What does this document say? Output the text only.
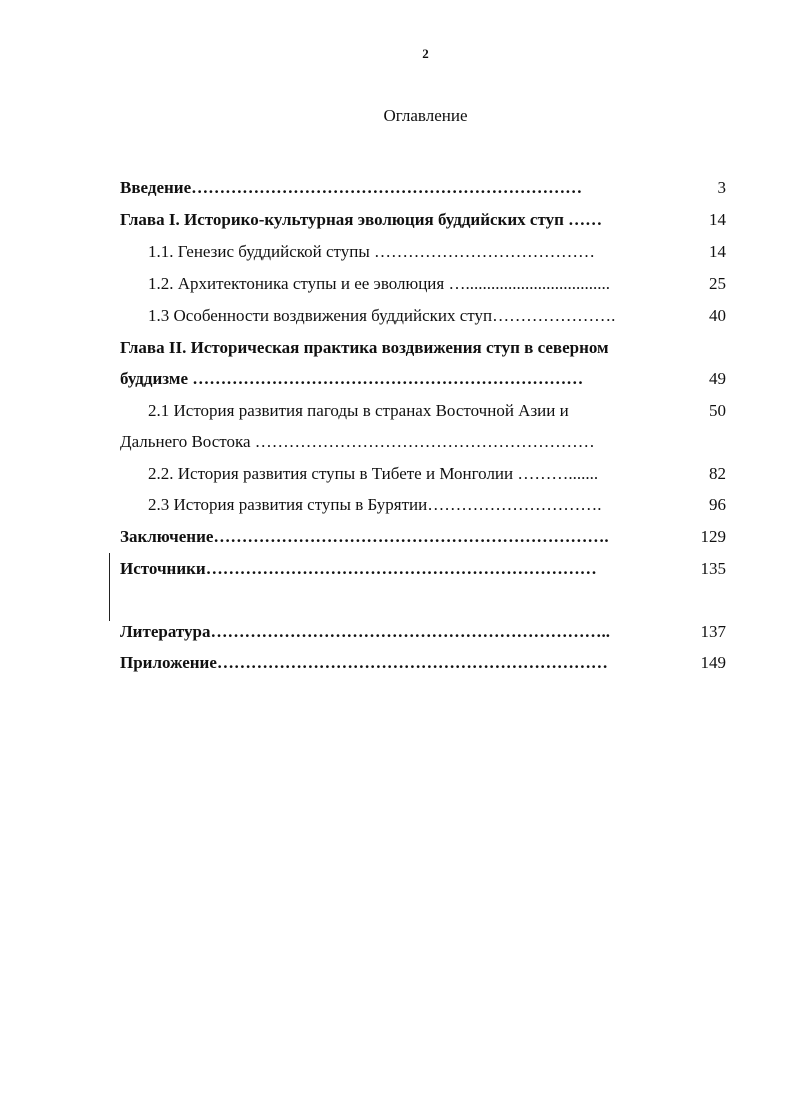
2
Оглавление
Введение……………………………………………………………	3
Глава I. Историко-культурная эволюция буддийских ступ ……	14
1.1. Генезис буддийской ступы …………………………………	14
1.2. Архитектоника ступы и ее эволюция …..................................	25
1.3 Особенности воздвижения буддийских ступ………………….	40
Глава II. Историческая практика воздвижения ступ в северном
буддизме ……………………………………………………………	49
2.1 История развития пагоды в странах Восточной Азии и	50
Дальнего Востока ……………………………………………………
2.2. История развития ступы в Тибете и Монголии ……….......	82
2.3 История развития ступы в Бурятии………………………….	96
Заключение…………………………………………………………….	129
Источники……………………………………………………………	135
Литература……………………………………………………………..	137
Приложение……………………………………………………………	149
